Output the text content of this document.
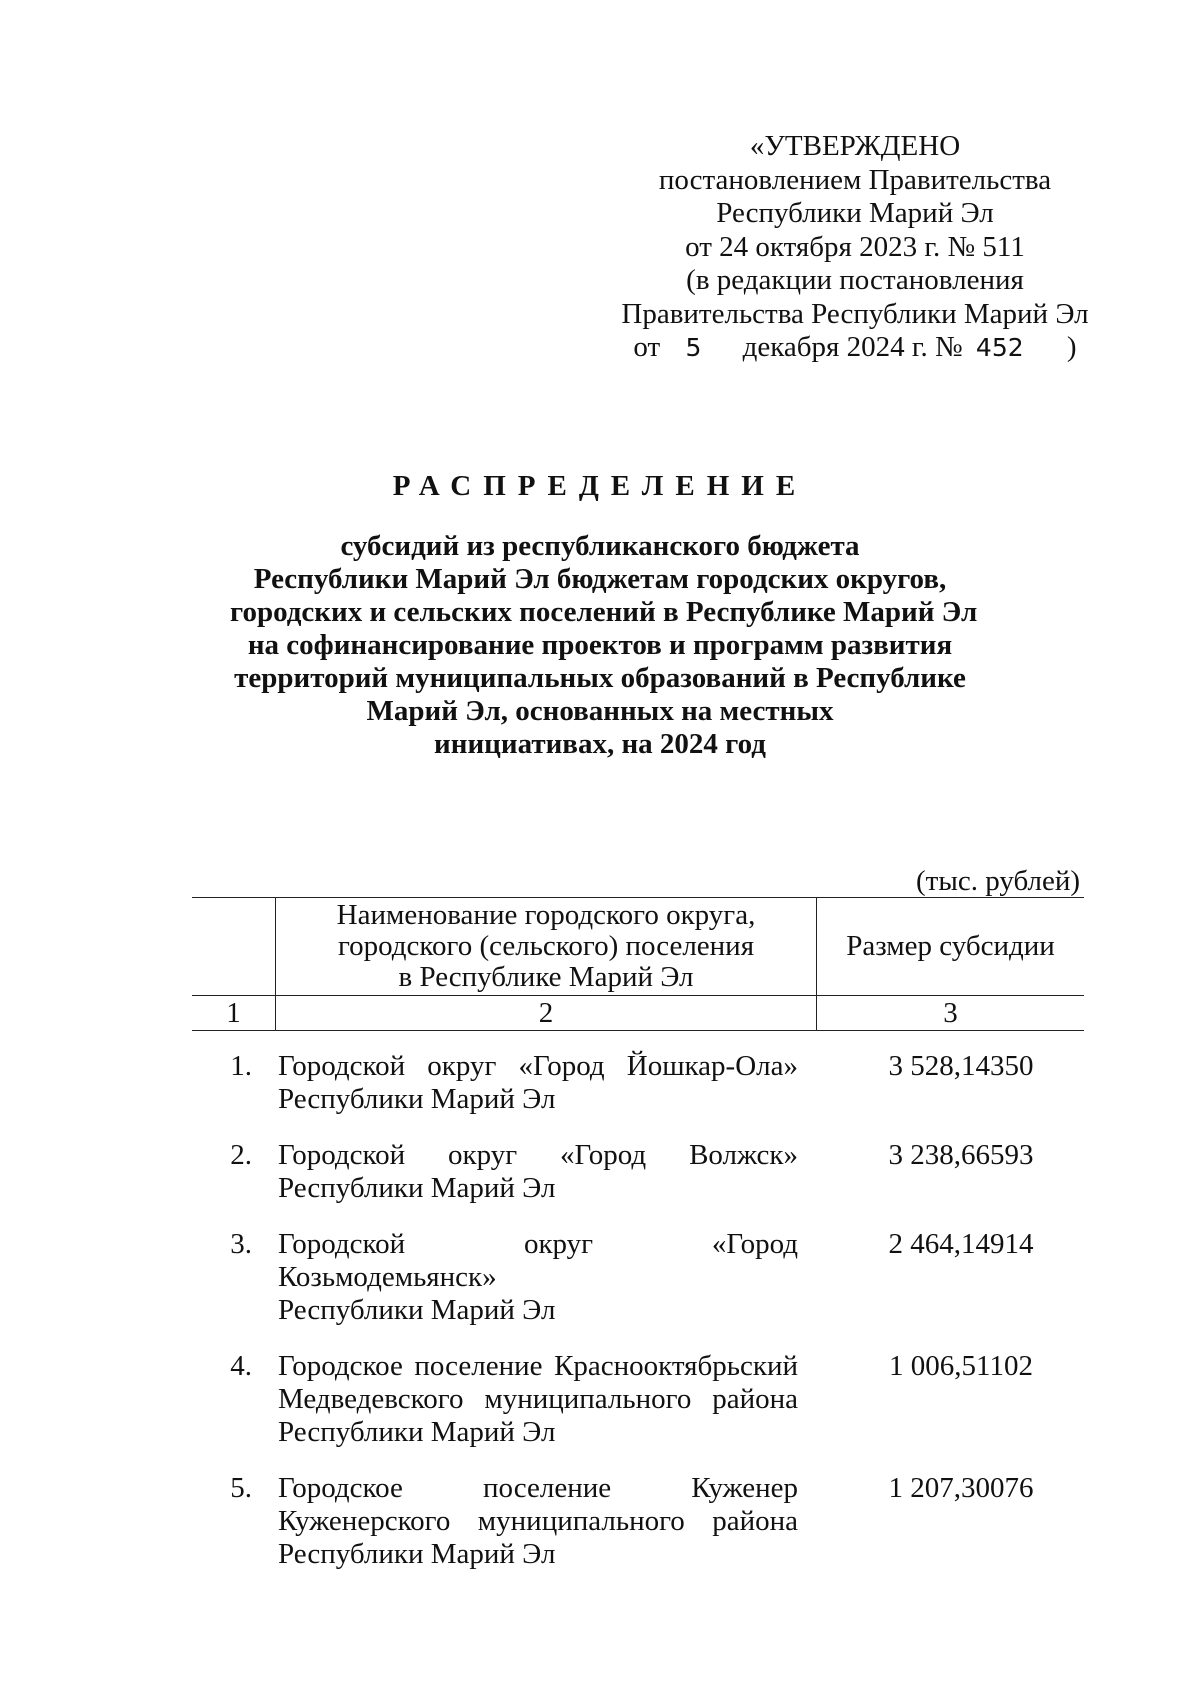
«УТВЕРЖДЕНО
постановлением Правительства
Республики Марий Эл
от 24 октября 2023 г. № 511
(в редакции постановления
Правительства Республики Марий Эл
от 5 декабря 2024 г. № 452 )
РАСПРЕДЕЛЕНИЕ
субсидий из республиканского бюджета
Республики Марий Эл бюджетам городских округов,
городских и сельских поселений в Республике Марий Эл
на софинансирование проектов и программ развития
территорий муниципальных образований в Республике
Марий Эл, основанных на местных
инициативах, на 2024 год
(тыс. рублей)
Наименование городского округа,
городского (сельского) поселения
в Республике Марий Эл
Размер субсидии
1	2	3
1. Городской округ «Город Йошкар-Ола»
Республики Марий Эл
3 528,14350
2. Городской округ «Город Волжск»
Республики Марий Эл
3 238,66593
3. Городской округ «Город Козьмодемьянск»
Республики Марий Эл
2 464,14914
4. Городское поселение Краснооктябрьский
Медведевского муниципального района
Республики Марий Эл
1 006,51102
5. Городское поселение Куженер
Куженерского муниципального района
Республики Марий Эл
1 207,30076
